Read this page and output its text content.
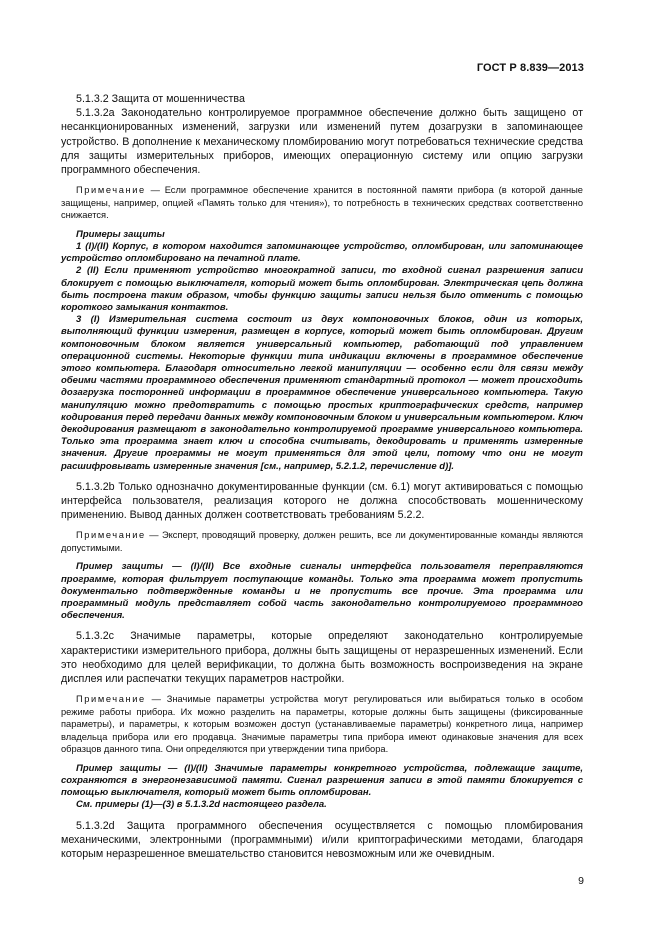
ГОСТ Р 8.839—2013

5.1.3.2 Защита от мошенничества

5.1.3.2a Законодательно контролируемое программное обеспечение должно быть защищено от несанкционированных изменений, загрузки или изменений путем дозагрузки в запоминающее устройство. В дополнение к механическому пломбированию могут потребоваться технические средства для защиты измерительных приборов, имеющих операционную систему или опцию загрузки программного обеспечения.

Примечание — Если программное обеспечение хранится в постоянной памяти прибора (в которой данные защищены, например, опцией «Память только для чтения»), то потребность в технических средствах соответственно снижается.

Примеры защиты

1 (I)/(II) Корпус, в котором находится запоминающее устройство, опломбирован, или запоминающее устройство опломбировано на печатной плате.

2 (II) Если применяют устройство многократной записи, то входной сигнал разрешения записи блокирует с помощью выключателя, который может быть опломбирован. Электрическая цепь должна быть построена таким образом, чтобы функцию защиты записи нельзя было отменить с помощью короткого замыкания контактов.

3 (I) Измерительная система состоит из двух компоновочных блоков, один из которых, выполняющий функции измерения, размещен в корпусе, который может быть опломбирован. Другим компоновочным блоком является универсальный компьютер, работающий под управлением операционной системы. Некоторые функции типа индикации включены в программное обеспечение этого компьютера. Благодаря относительно легкой манипуляции — особенно если для связи между обеими частями программного обеспечения применяют стандартный протокол — может происходить дозагрузка посторонней информации в программное обеспечение универсального компьютера. Такую манипуляцию можно предотвратить с помощью простых криптографических средств, например кодирования перед передачи данных между компоновочным блоком и универсальным компьютером. Ключ декодирования размещают в законодательно контролируемой программе универсального компьютера. Только эта программа знает ключ и способна считывать, декодировать и применять измеренные значения. Другие программы не могут применяться для этой цели, потому что они не могут расшифровывать измеренные значения [см., например, 5.2.1.2, перечисление d)].

5.1.3.2b Только однозначно документированные функции (см. 6.1) могут активироваться с помощью интерфейса пользователя, реализация которого не должна способствовать мошенническому применению. Вывод данных должен соответствовать требованиям 5.2.2.

Примечание — Эксперт, проводящий проверку, должен решить, все ли документированные команды являются допустимыми.

Пример защиты — (I)/(II) Все входные сигналы интерфейса пользователя переправляются программе, которая фильтрует поступающие команды. Только эта программа может пропустить документально подтвержденные команды и не пропустить все прочие. Эта программа или программный модуль представляет собой часть законодательно контролируемого программного обеспечения.

5.1.3.2c Значимые параметры, которые определяют законодательно контролируемые характеристики измерительного прибора, должны быть защищены от неразрешенных изменений. Если это необходимо для целей верификации, то должна быть возможность воспроизведения на экране дисплея или распечатки текущих параметров настройки.

Примечание — Значимые параметры устройства могут регулироваться или выбираться только в особом режиме работы прибора. Их можно разделить на параметры, которые должны быть защищены (фиксированные параметры), и параметры, к которым возможен доступ (устанавливаемые параметры) конкретного лица, например владельца прибора или его продавца. Значимые параметры типа прибора имеют одинаковые значения для всех образцов данного типа. Они определяются при утверждении типа прибора.

Пример защиты — (I)/(II) Значимые параметры конкретного устройства, подлежащие защите, сохраняются в энергонезависимой памяти. Сигнал разрешения записи в этой памяти блокируется с помощью выключателя, который может быть опломбирован.

См. примеры (1)—(3) в 5.1.3.2d настоящего раздела.

5.1.3.2d Защита программного обеспечения осуществляется с помощью пломбирования механическими, электронными (программными) и/или криптографическими методами, благодаря которым неразрешенное вмешательство становится невозможным или же очевидным.

9
